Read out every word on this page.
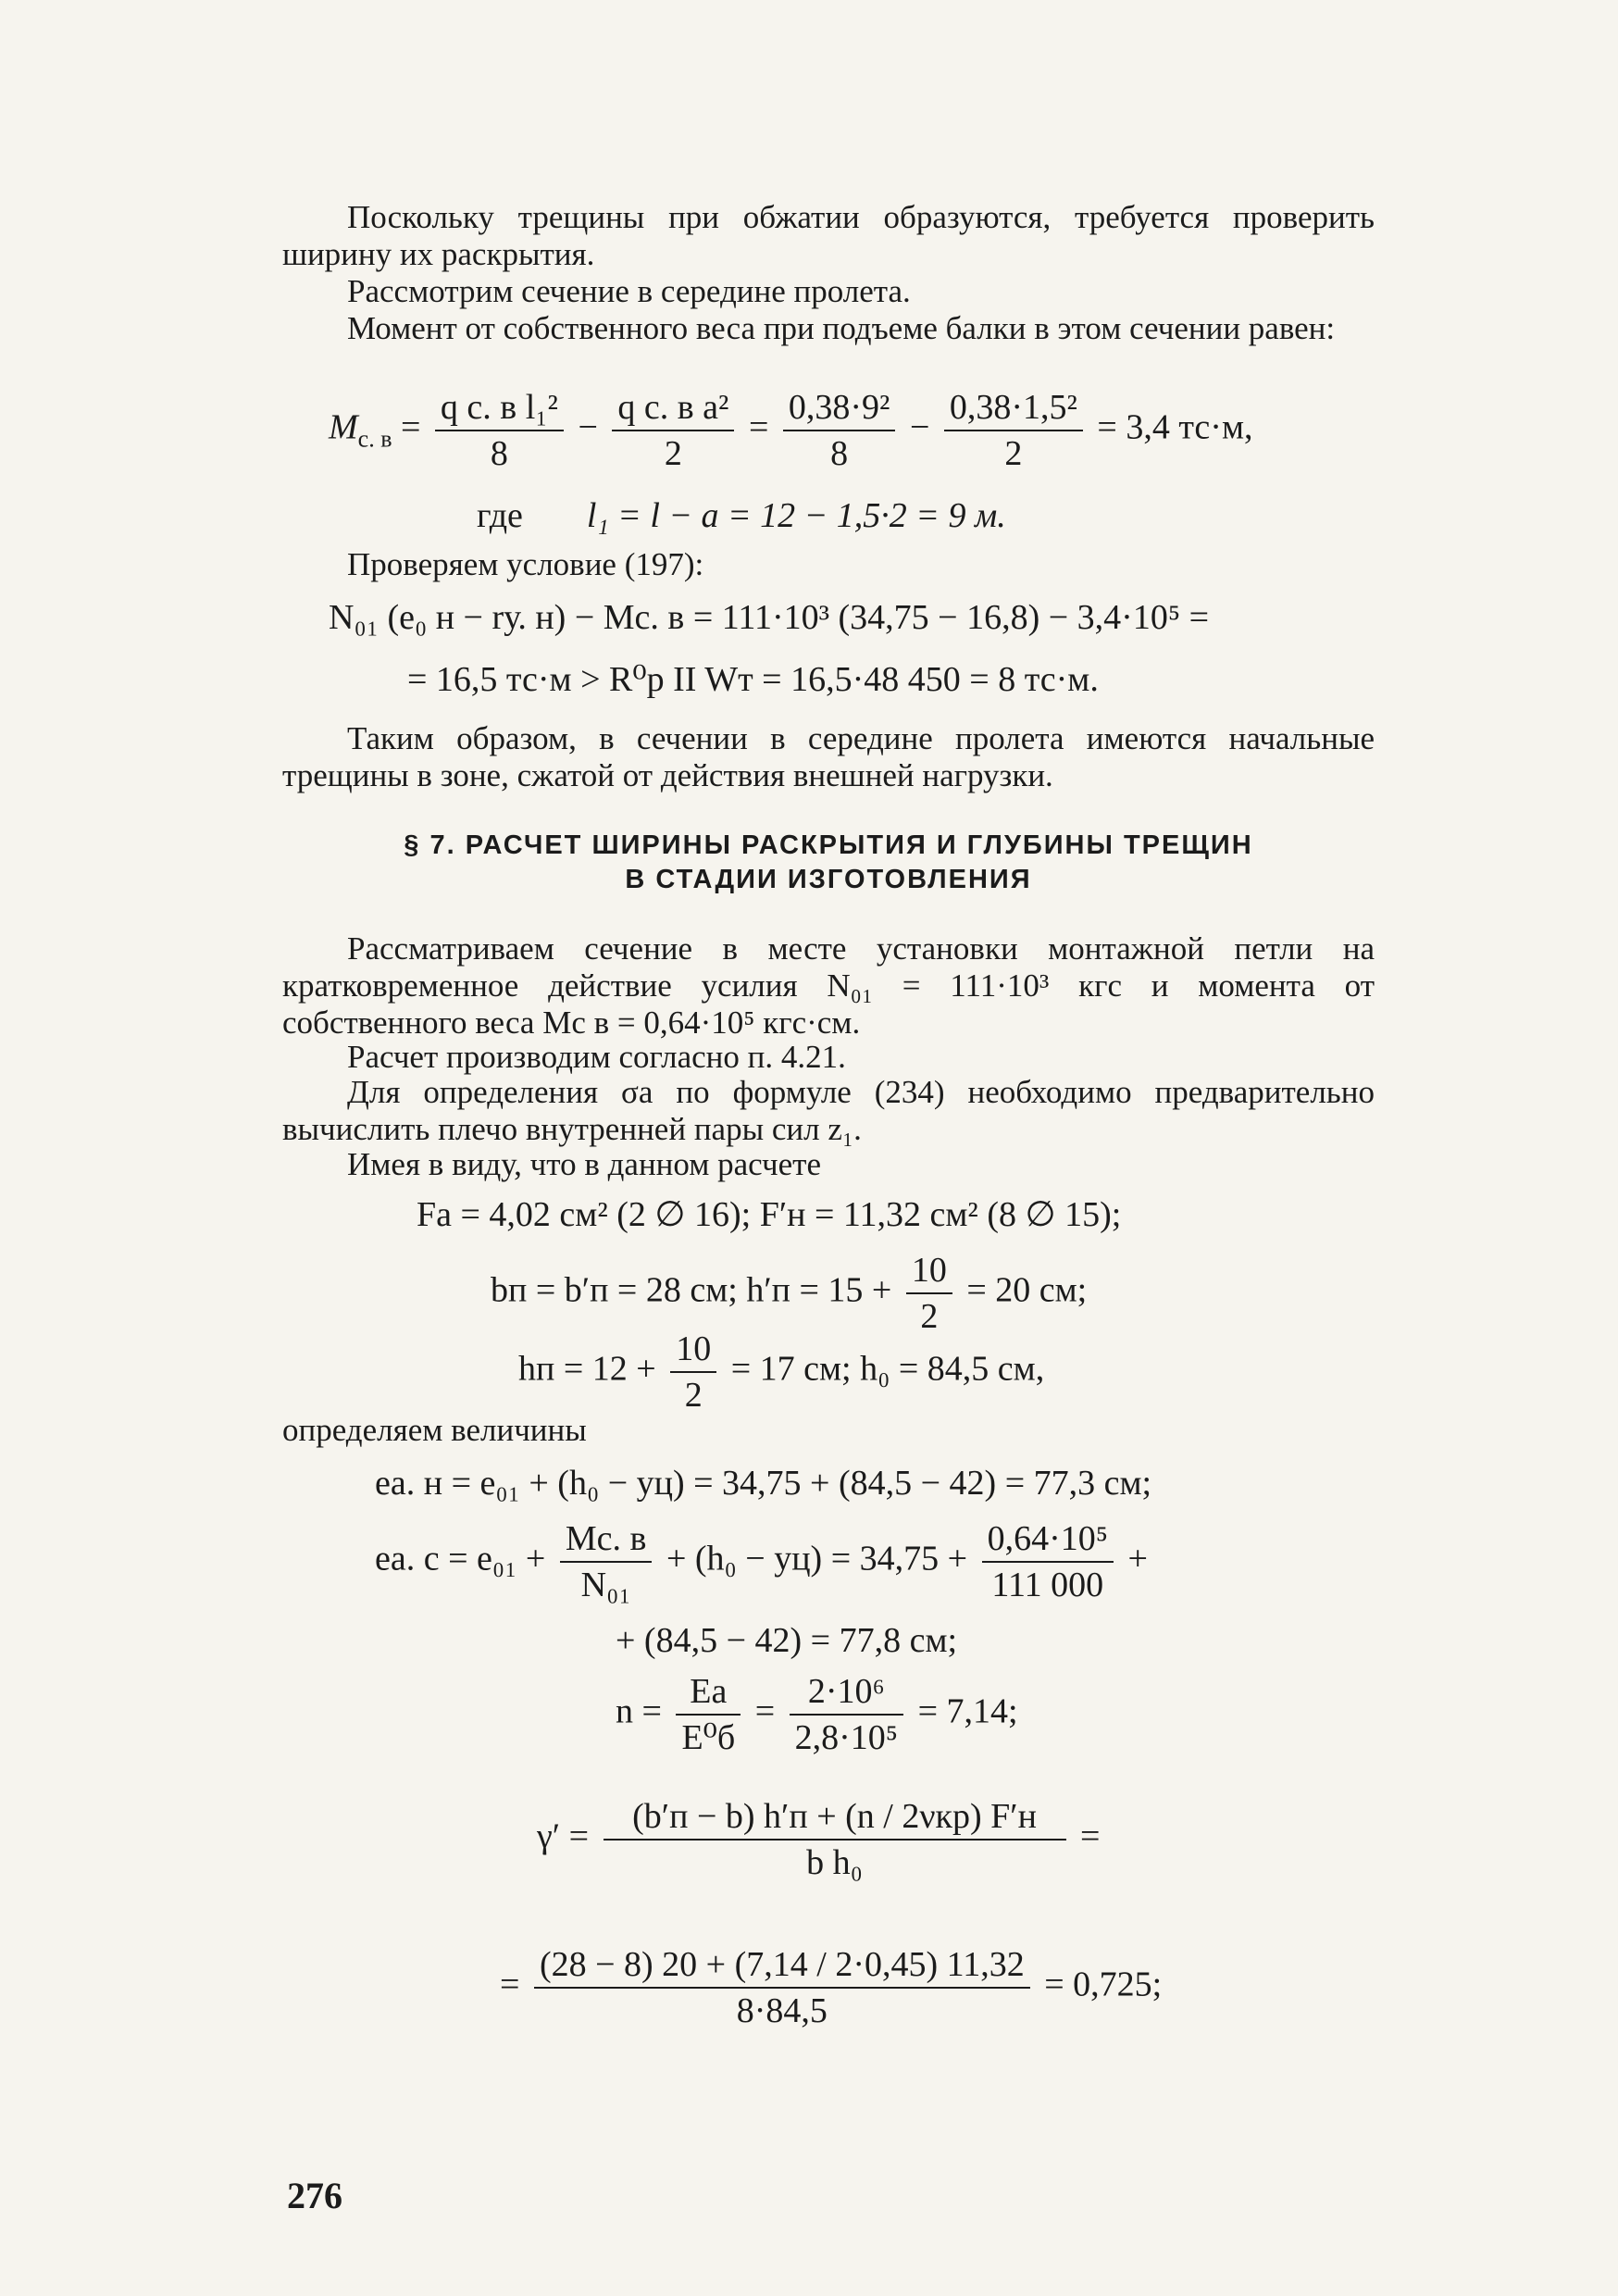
Поскольку трещины при обжатии образуются, требуется проверить ширину их раскрытия.
Рассмотрим сечение в середине пролета.
Момент от собственного веса при подъеме балки в этом сечении равен:
$M_{с. в} = \frac{\text{q с. в l₁²}}{8} - \frac{\text{q с. в a²}}{2} = \frac{\text{0,38·9²}}{8} - \frac{\text{0,38·1,5²}}{2} = 3,4$ тс·м,
где l₁ = l − a = 12 − 1,5·2 = 9 м.
Проверяем условие (197):
N₀₁ (e₀ н − rу. н) − Mс. в = 111·10³ (34,75 − 16,8) − 3,4·10⁵ =
= 16,5 тс·м > R⁰р II Wт = 16,5·48 450 = 8 тс·м.
Таким образом, в сечении в середине пролета имеются начальные трещины в зоне, сжатой от действия внешней нагрузки.
§ 7. РАСЧЕТ ШИРИНЫ РАСКРЫТИЯ И ГЛУБИНЫ ТРЕЩИН
В СТАДИИ ИЗГОТОВЛЕНИЯ
Рассматриваем сечение в месте установки монтажной петли на кратковременное действие усилия N₀₁ = 111·10³ кгс и момента от собственного веса Mс в = 0,64·10⁵ кгс·см.
Расчет производим согласно п. 4.21.
Для определения σа по формуле (234) необходимо предварительно вычислить плечо внутренней пары сил z₁.
Имея в виду, что в данном расчете
Fа = 4,02 см² (2 ∅ 16); F′н = 11,32 см² (8 ∅ 15);
bп = b′п = 28 см; $h'п = 15 + \frac{10}{2} = 20$ см;
hп = $12 + \frac{10}{2} = 17$ см; h₀ = 84,5 см,
определяем величины
eа. н = e₀₁ + (h₀ − yц) = 34,75 + (84,5 − 42) = 77,3 см;
eа. $с = e_{01} + \frac{Mс. в}{\text{N₀₁}} + (h_0 - yц) = 34,75 + \frac{\text{0,64·10⁵}}{111 000}$ +
+ (84,5 − 42) = 77,8 см;
$n = \frac{Eа}{\text{E⁰б}} = \frac{\text{2·10⁶}}{\text{2,8·10⁵}} = 7,14$;
$\gamma' = \frac{\text{(b′п − b) h′п + (n / 2νкр) F′н}}{\text{b h₀}}$ =
= $\frac{(28 - 8) 20 + (7,14 / 2\cdot 0,45) 11,32}{8\cdot 84,5} = 0,725$;
276
